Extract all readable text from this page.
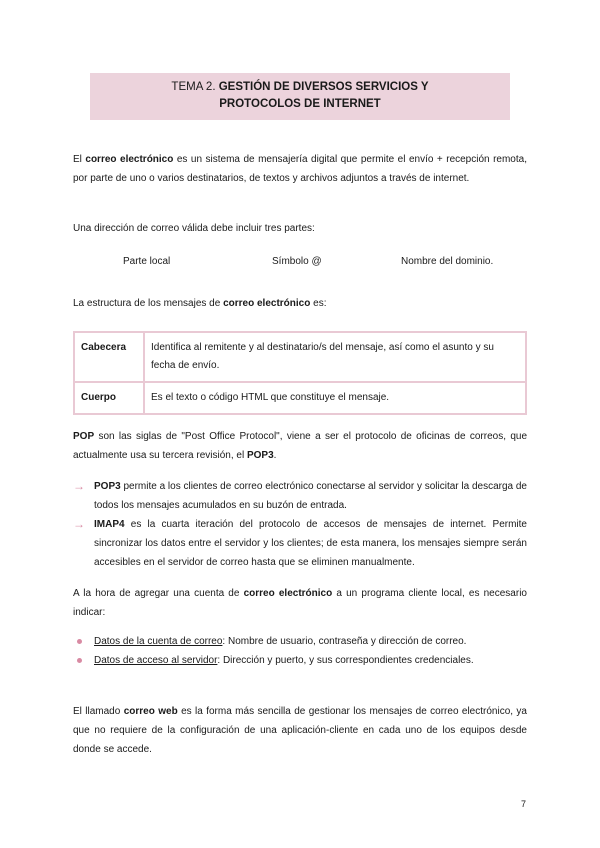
TEMA 2. GESTIÓN DE DIVERSOS SERVICIOS Y
PROTOCOLOS DE INTERNET
El correo electrónico es un sistema de mensajería digital que permite el envío + recepción remota, por parte de uno o varios destinatarios, de textos y archivos adjuntos a través de internet.
Una dirección de correo válida debe incluir tres partes:
Parte local	Símbolo @	Nombre del dominio.
La estructura de los mensajes de correo electrónico es:
Cabecera	Identifica al remitente y al destinatario/s del mensaje, así como el asunto y su fecha de envío.
Cuerpo	Es el texto o código HTML que constituye el mensaje.
POP son las siglas de "Post Office Protocol", viene a ser el protocolo de oficinas de correos, que actualmente usa su tercera revisión, el POP3.
→ POP3 permite a los clientes de correo electrónico conectarse al servidor y solicitar la descarga de todos los mensajes acumulados en su buzón de entrada.
→ IMAP4 es la cuarta iteración del protocolo de accesos de mensajes de internet. Permite sincronizar los datos entre el servidor y los clientes; de esta manera, los mensajes siempre serán accesibles en el servidor de correo hasta que se eliminen manualmente.
A la hora de agregar una cuenta de correo electrónico a un programa cliente local, es necesario indicar:
Datos de la cuenta de correo: Nombre de usuario, contraseña y dirección de correo.
Datos de acceso al servidor: Dirección y puerto, y sus correspondientes credenciales.
El llamado correo web es la forma más sencilla de gestionar los mensajes de correo electrónico, ya que no requiere de la configuración de una aplicación-cliente en cada uno de los equipos desde donde se accede.
7
